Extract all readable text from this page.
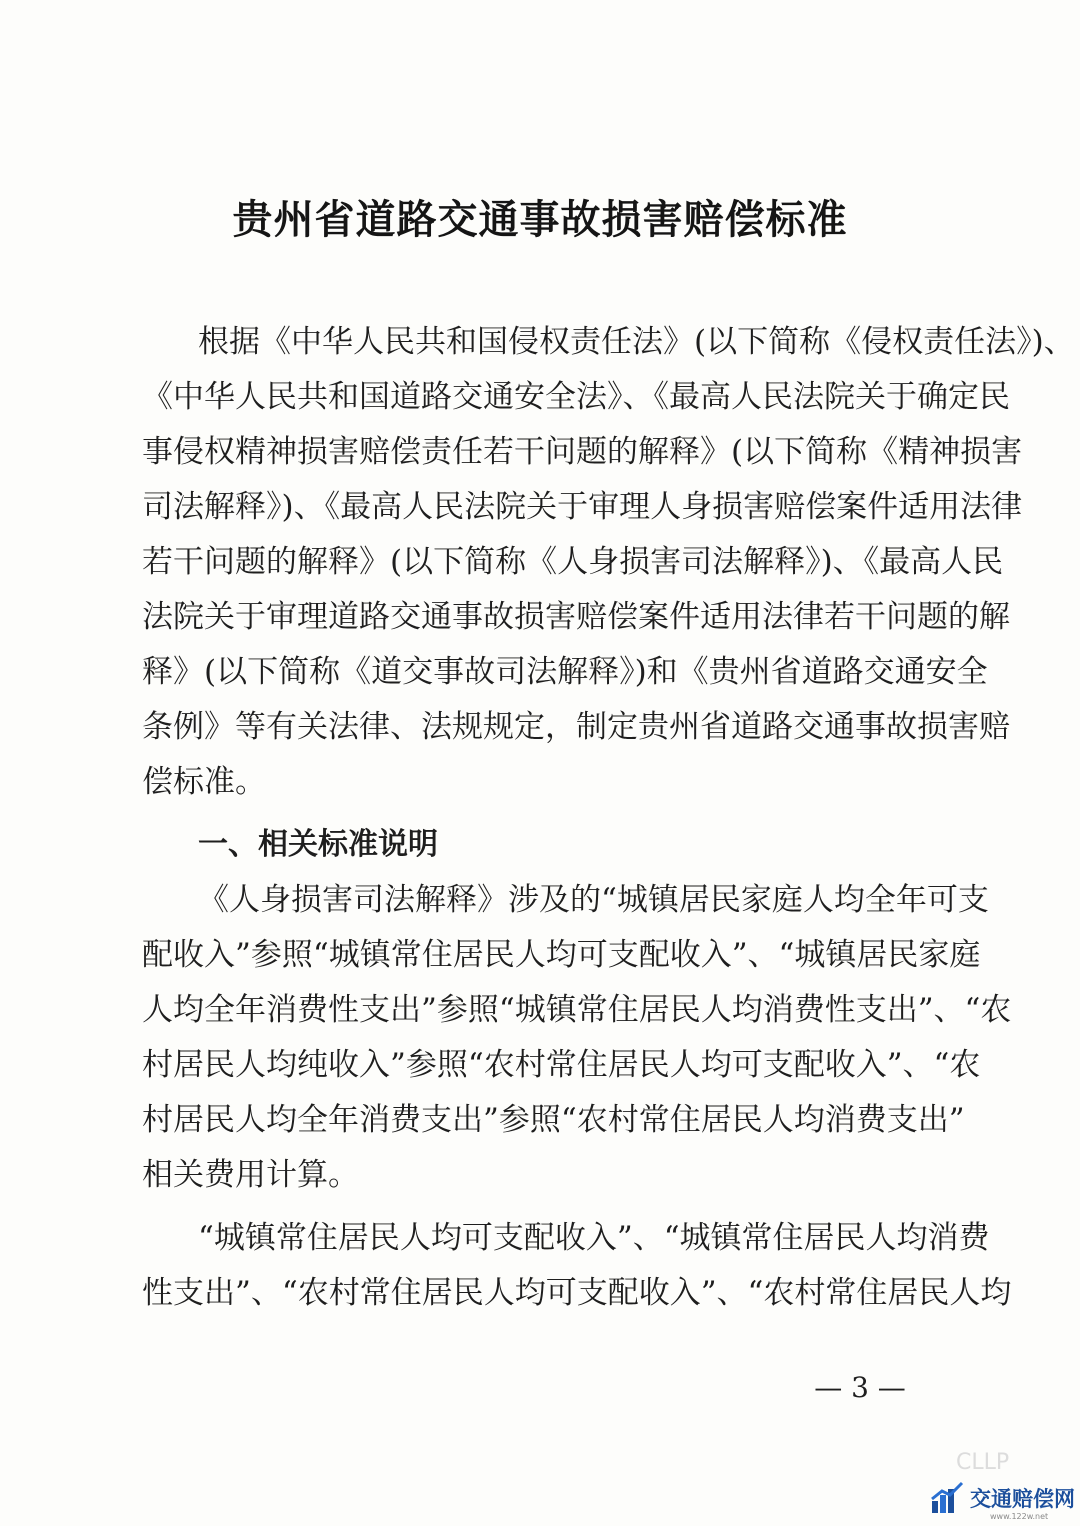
贵州省道路交通事故损害赔偿标准
根据《中华人民共和国侵权责任法》(以下简称《侵权责任法》)、
《中华人民共和国道路交通安全法》、《最高人民法院关于确定民
事侵权精神损害赔偿责任若干问题的解释》(以下简称《精神损害
司法解释》)、《最高人民法院关于审理人身损害赔偿案件适用法律
若干问题的解释》(以下简称《人身损害司法解释》)、《最高人民
法院关于审理道路交通事故损害赔偿案件适用法律若干问题的解
释》(以下简称《道交事故司法解释》)和《贵州省道路交通安全
条例》等有关法律、法规规定，制定贵州省道路交通事故损害赔
偿标准。
一、相关标准说明
《人身损害司法解释》涉及的“城镇居民家庭人均全年可支
配收入”参照“城镇常住居民人均可支配收入”、“城镇居民家庭
人均全年消费性支出”参照“城镇常住居民人均消费性支出”、“农
村居民人均纯收入”参照“农村常住居民人均可支配收入”、“农
村居民人均全年消费支出”参照“农村常住居民人均消费支出”
相关费用计算。
“城镇常住居民人均可支配收入”、“城镇常住居民人均消费
性支出”、“农村常住居民人均可支配收入”、“农村常住居民人均
— 3 —
CLLP
交通赔偿网
www.122w.net
